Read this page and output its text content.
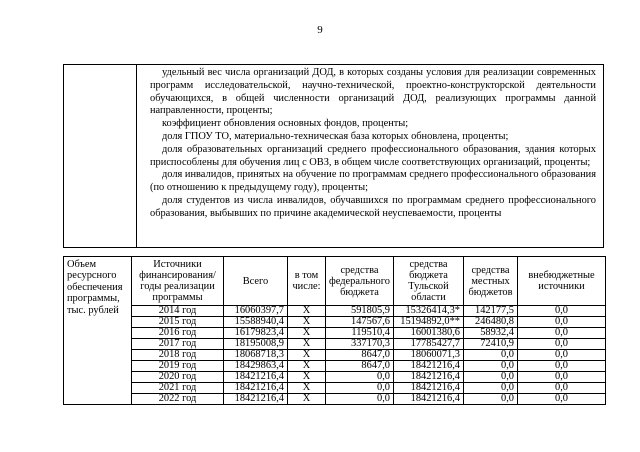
9

удельный вес числа организаций ДОД, в которых созданы условия для реализации современных программ исследовательской, научно-технической, проектно-конструкторской деятельности обучающихся, в общей численности организаций ДОД, реализующих программы данной направленности, проценты;

коэффициент обновления основных фондов, проценты;

доля ГПОУ ТО, материально-техническая база которых обновлена, проценты;

доля образовательных организаций среднего профессионального образования, здания которых приспособлены для обучения лиц с ОВЗ, в общем числе соответствующих организаций, проценты;

доля инвалидов, принятых на обучение по программам среднего профессионального образования (по отношению к предыдущему году), проценты;

доля студентов из числа инвалидов, обучавшихся по программам среднего профессионального образования, выбывших по причине академической неуспеваемости, проценты

Объем ресурсного обеспечения программы, тыс. рублей	Источники финансирования/ годы реализации программы	Всего	в том числе:	средства федерального бюджета	средства бюджета Тульской области	средства местных бюджетов	внебюджетные источники
	2014 год	16060397,7	Х	591805,9	15326414,3*	142177,5	0,0
	2015 год	15588940,4	Х	147567,6	15194892,0**	246480,8	0,0
	2016 год	16179823,4	Х	119510,4	16001380,6	58932,4	0,0
	2017 год	18195008,9	Х	337170,3	17785427,7	72410,9	0,0
	2018 год	18068718,3	Х	8647,0	18060071,3	0,0	0,0
	2019 год	18429863,4	Х	8647,0	18421216,4	0,0	0,0
	2020 год	18421216,4	Х	0,0	18421216,4	0,0	0,0
	2021 год	18421216,4	Х	0,0	18421216,4	0,0	0,0
	2022 год	18421216,4	Х	0,0	18421216,4	0,0	0,0
